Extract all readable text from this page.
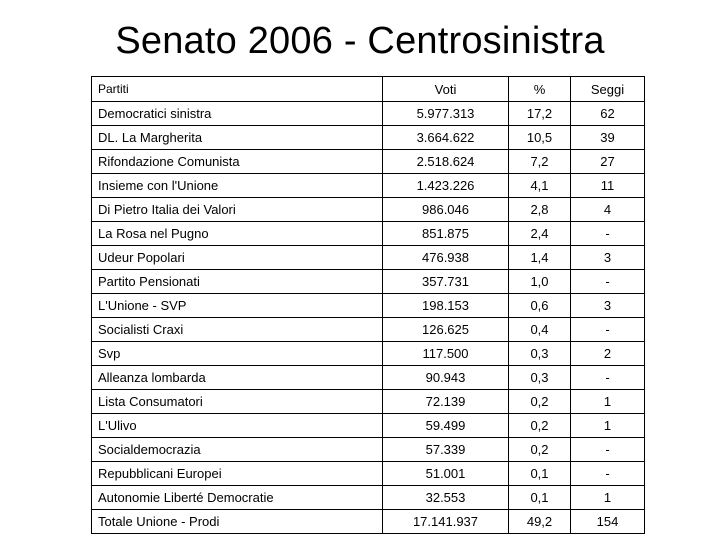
Senato 2006 - Centrosinistra
Partiti	Voti	%	Seggi
Democratici sinistra	5.977.313	17,2	62
DL. La Margherita	3.664.622	10,5	39
Rifondazione Comunista	2.518.624	7,2	27
Insieme con l'Unione	1.423.226	4,1	11
Di Pietro Italia dei Valori	986.046	2,8	4
La Rosa nel Pugno	851.875	2,4	-
Udeur Popolari	476.938	1,4	3
Partito Pensionati	357.731	1,0	-
L'Unione - SVP	198.153	0,6	3
Socialisti Craxi	126.625	0,4	-
Svp	117.500	0,3	2
Alleanza lombarda	90.943	0,3	-
Lista Consumatori	72.139	0,2	1
L'Ulivo	59.499	0,2	1
Socialdemocrazia	57.339	0,2	-
Repubblicani Europei	51.001	0,1	-
Autonomie Liberté Democratie	32.553	0,1	1
Totale Unione - Prodi	17.141.937	49,2	154
